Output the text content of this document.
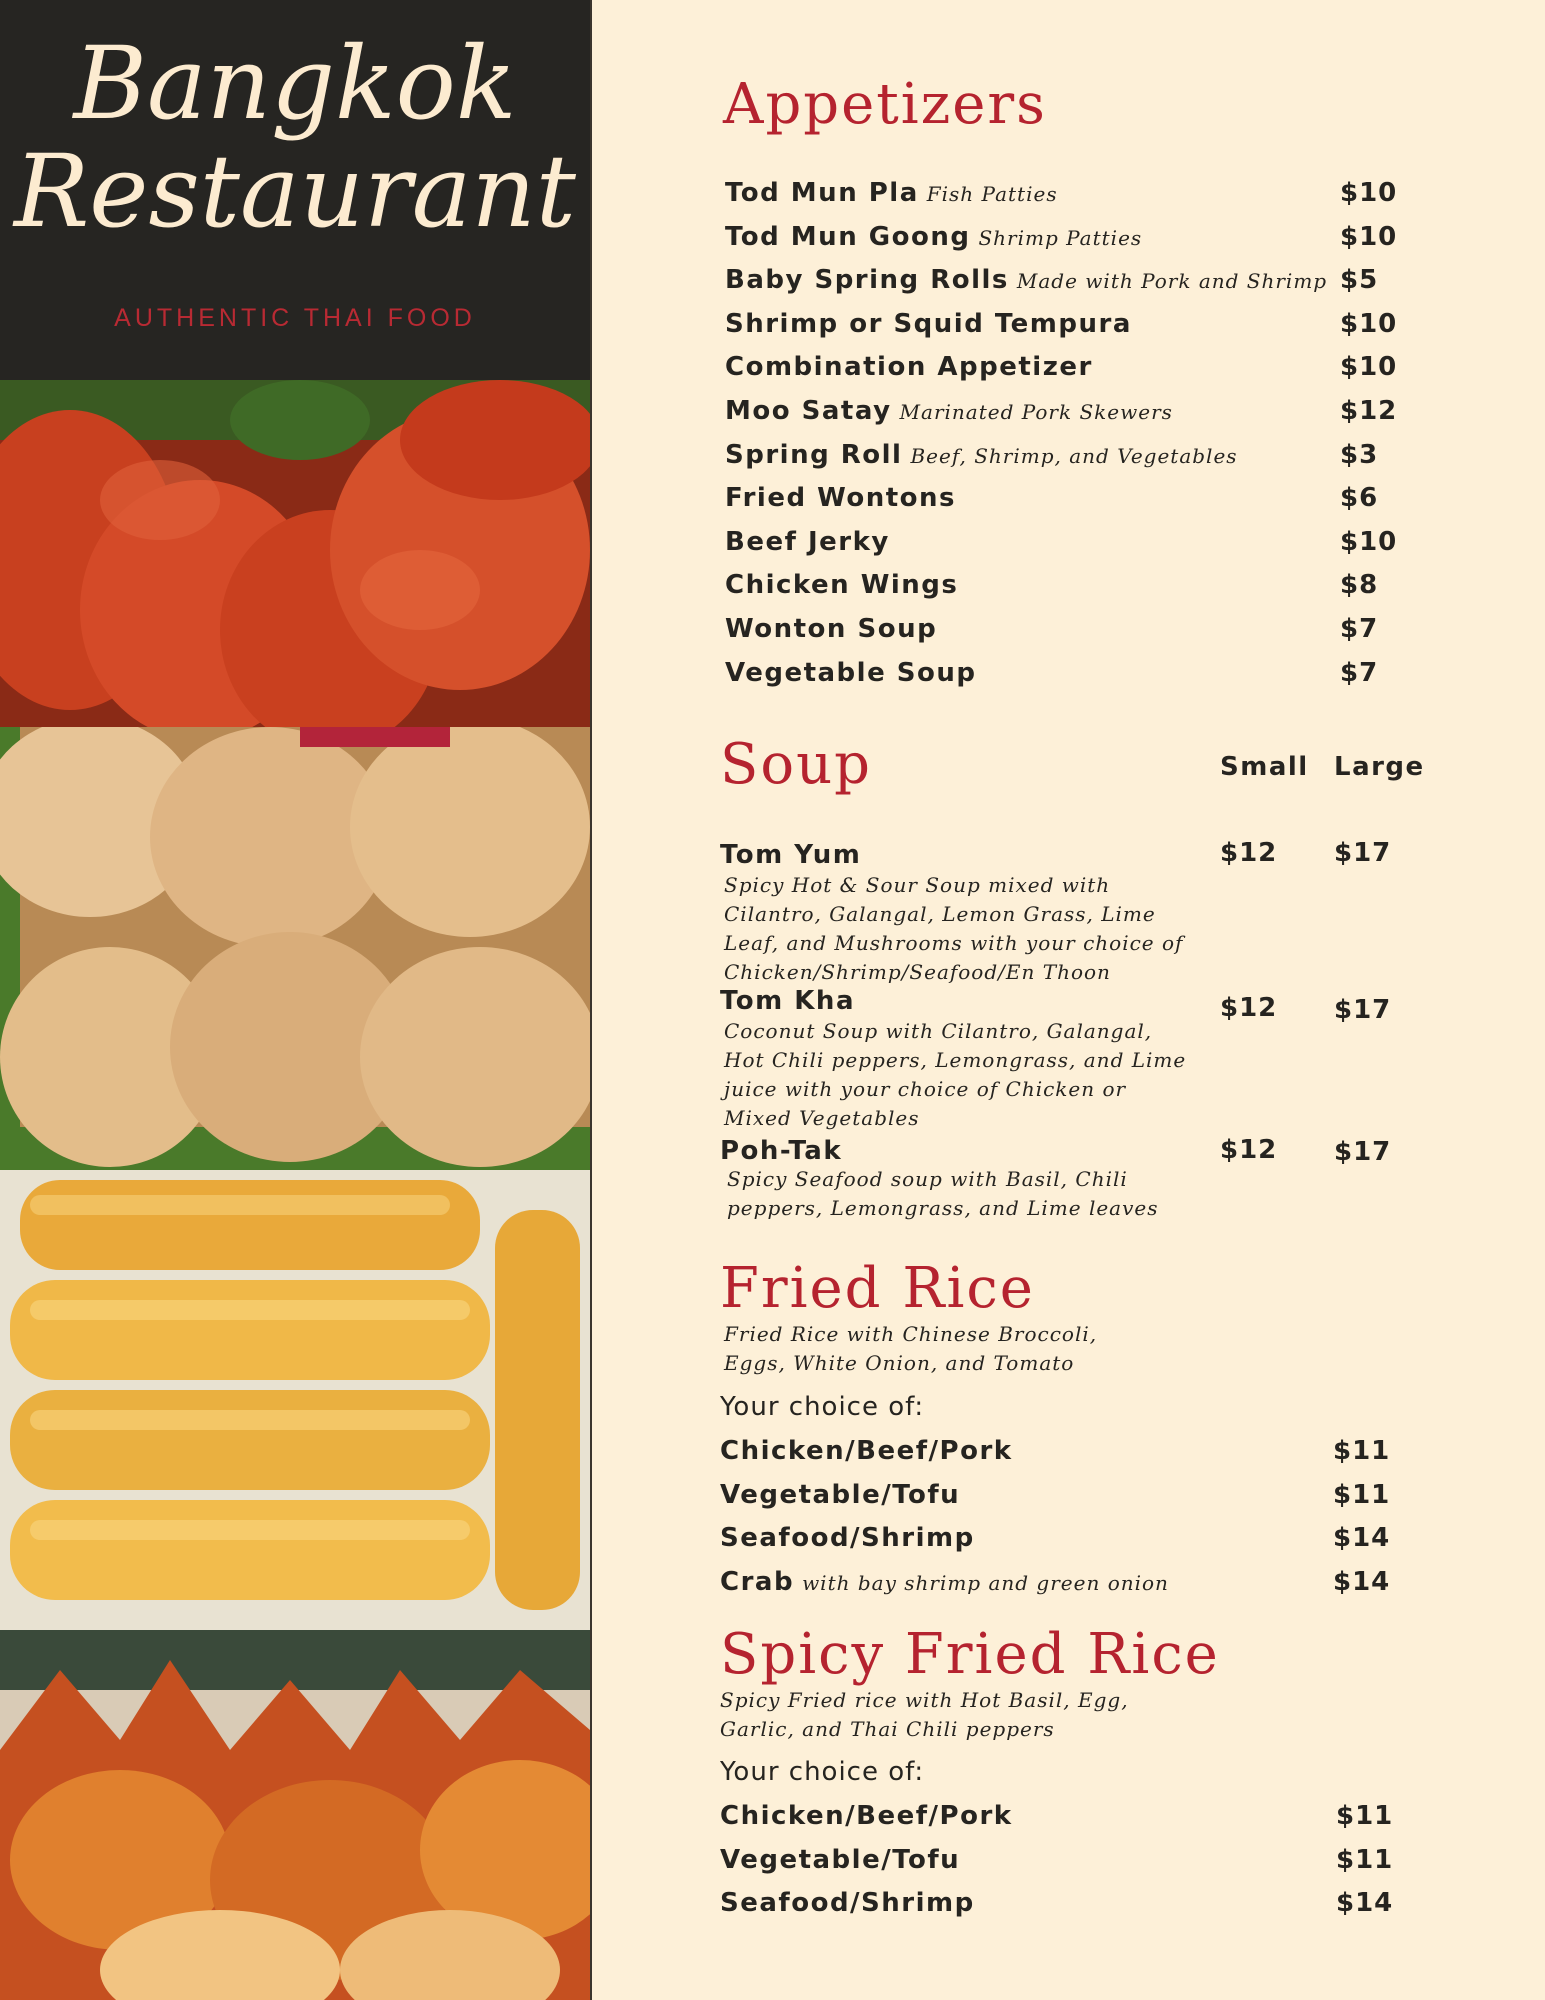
Bangkok
Restaurant
AUTHENTIC THAI FOOD
Appetizers
Tod Mun Pla Fish Patties	$10
Tod Mun Goong Shrimp Patties	$10
Baby Spring Rolls Made with Pork and Shrimp $5
Shrimp or Squid Tempura	$10
Combination Appetizer	$10
Moo Satay Marinated Pork Skewers	$12
Spring Roll Beef, Shrimp, and Vegetables	$3
Fried Wontons	$6
Beef Jerky	$10
Chicken Wings	$8
Wonton Soup	$7
Vegetable Soup	$7
Soup	Small Large
Tom Yum
Spicy Hot & Sour Soup mixed with Cilantro, Galangal, Lemon Grass, Lime Leaf, and Mushrooms with your choice of Chicken/Shrimp/Seafood/En Thoon
$12 $17
Tom Kha
Coconut Soup with Cilantro, Galangal, Hot Chili peppers, Lemongrass, and Lime juice with your choice of Chicken or Mixed Vegetables
$12 $17
Poh-Tak
Spicy Seafood soup with Basil, Chili peppers, Lemongrass, and Lime leaves
$12 $17
Fried Rice
Fried Rice with Chinese Broccoli, Eggs, White Onion, and Tomato
Your choice of:
Chicken/Beef/Pork	$11
Vegetable/Tofu	$11
Seafood/Shrimp	$14
Crab with bay shrimp and green onion	$14
Spicy Fried Rice
Spicy Fried rice with Hot Basil, Egg, Garlic, and Thai Chili peppers
Your choice of:
Chicken/Beef/Pork	$11
Vegetable/Tofu	$11
Seafood/Shrimp	$14
